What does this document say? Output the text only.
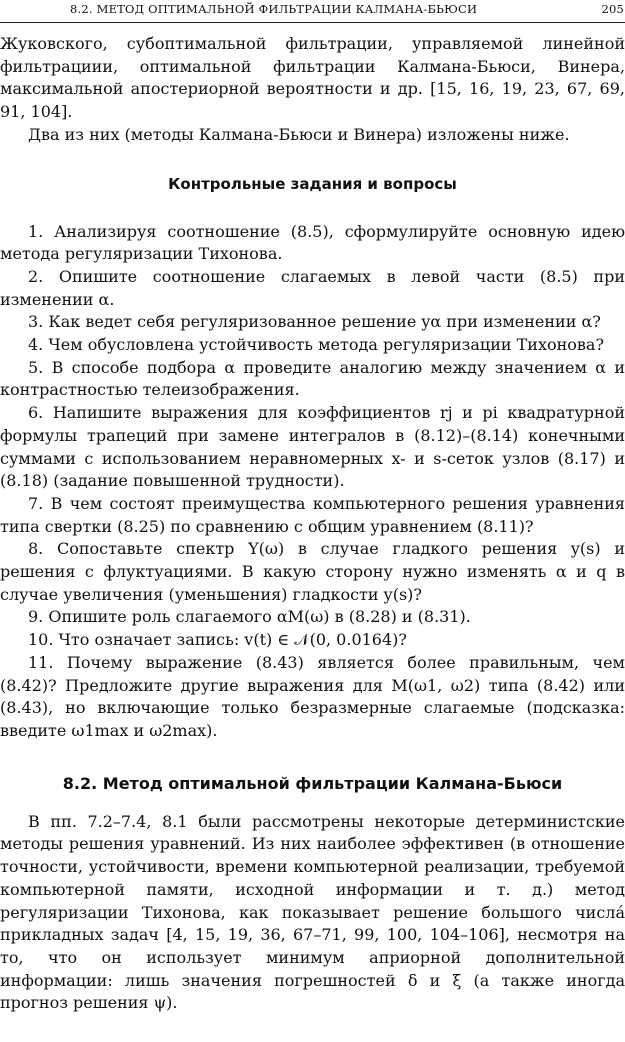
8.2. МЕТОД ОПТИМАЛЬНОЙ ФИЛЬТРАЦИИ КАЛМАНА-БЬЮСИ	205

Жуковского, субоптимальной фильтрации, управляемой линейной фильтрациии, оптимальной фильтрации Калмана-Бьюси, Винера, максимальной апостериорной вероятности и др. [15, 16, 19, 23, 67, 69, 91, 104].

Два из них (методы Калмана-Бьюси и Винера) изложены ниже.

Контрольные задания и вопросы

1. Анализируя соотношение (8.5), сформулируйте основную идею метода регуляризации Тихонова.

2. Опишите соотношение слагаемых в левой части (8.5) при изменении α.

3. Как ведет себя регуляризованное решение yα при изменении α?

4. Чем обусловлена устойчивость метода регуляризации Тихонова?

5. В способе подбора α проведите аналогию между значением α и контрастностью телеизображения.

6. Напишите выражения для коэффициентов rj и pi квадратурной формулы трапеций при замене интегралов в (8.12)–(8.14) конечными суммами с использованием неравномерных x- и s-сеток узлов (8.17) и (8.18) (задание повышенной трудности).

7. В чем состоят преимущества компьютерного решения уравнения типа свертки (8.25) по сравнению с общим уравнением (8.11)?

8. Сопоставьте спектр Y(ω) в случае гладкого решения y(s) и решения с флуктуациями. В какую сторону нужно изменять α и q в случае увеличения (уменьшения) гладкости y(s)?

9. Опишите роль слагаемого αM(ω) в (8.28) и (8.31).

10. Что означает запись: v(t) ∈ 𝒩(0, 0.0164)?

11. Почему выражение (8.43) является более правильным, чем (8.42)? Предложите другие выражения для M(ω1, ω2) типа (8.42) или (8.43), но включающие только безразмерные слагаемые (подсказка: введите ω1max и ω2max).

8.2. Метод оптимальной фильтрации Калмана-Бьюси

В пп. 7.2–7.4, 8.1 были рассмотрены некоторые детерминистские методы решения уравнений. Из них наиболее эффективен (в отношение точности, устойчивости, времени компьютерной реализации, требуемой компьютерной памяти, исходной информации и т. д.) метод регуляризации Тихонова, как показывает решение большого числá прикладных задач [4, 15, 19, 36, 67–71, 99, 100, 104–106], несмотря на то, что он использует минимум априорной дополнительной информации: лишь значения погрешностей δ и ξ (а также иногда прогноз решения ψ).
